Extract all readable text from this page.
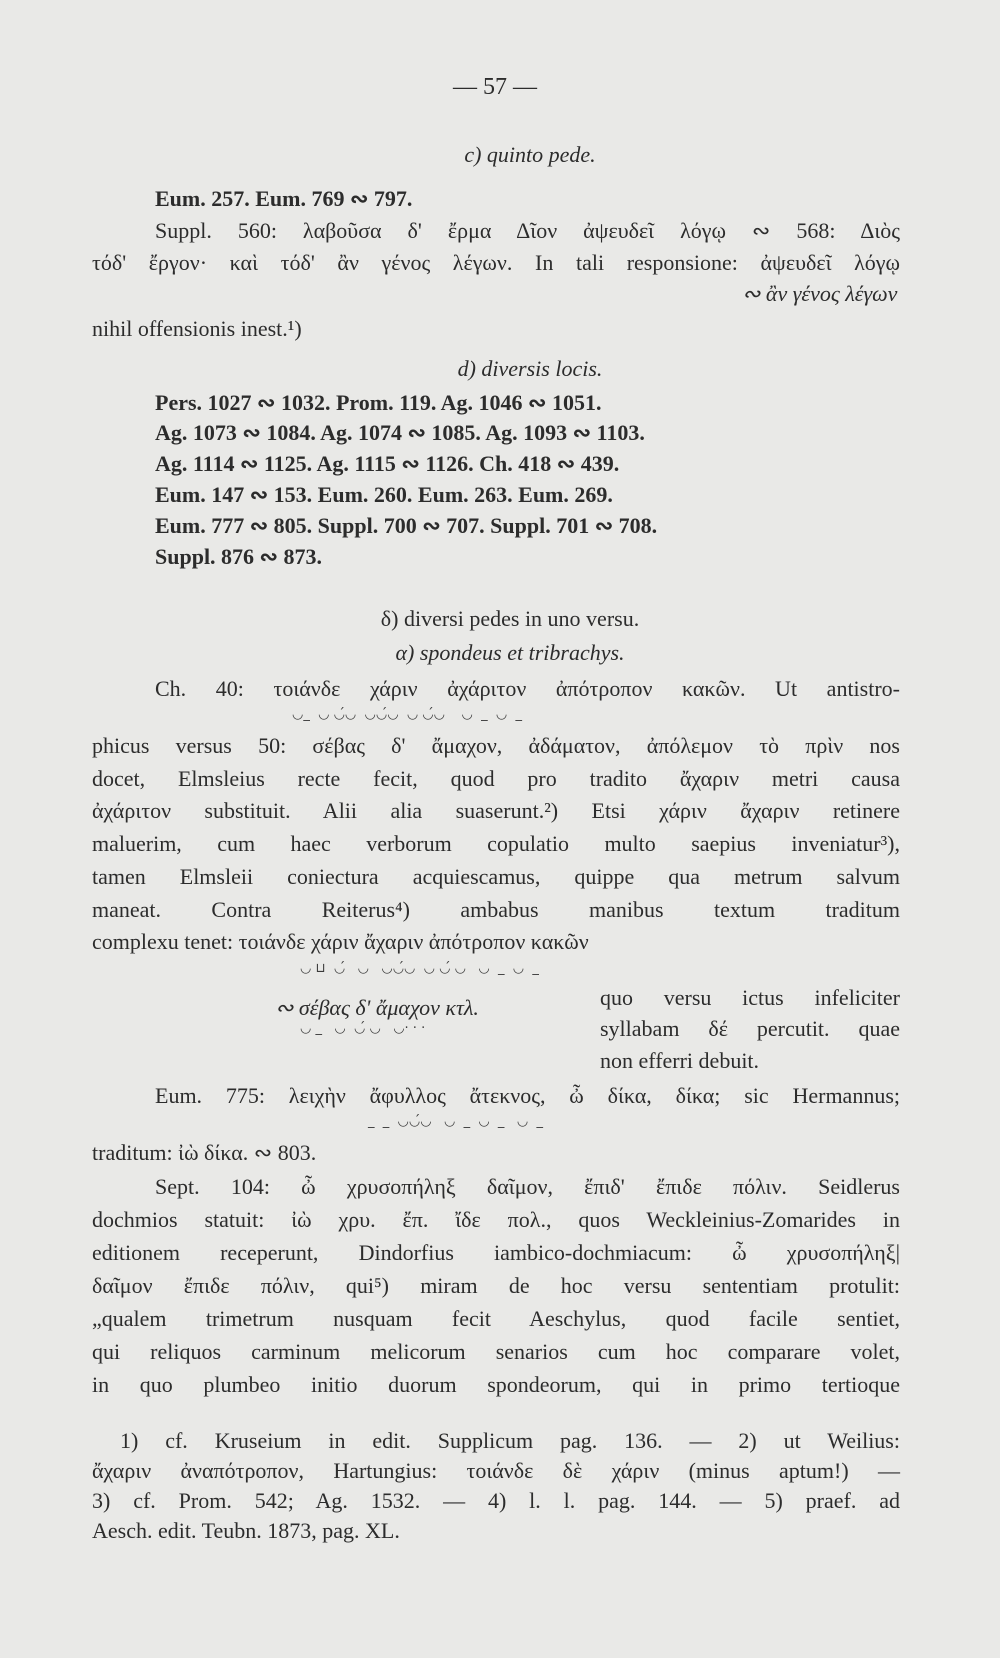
— 57 —
c) quinto pede.
Eum. 257. Eum. 769 ∾ 797.
Suppl. 560: λαβοῦσα δ' ἔρμα Δῖον ἀψευδεῖ λόγῳ ∾ 568: Διὸς
τόδ' ἔργον· καὶ τόδ' ἂν γένος λέγων. In tali responsione: ἀψευδεῖ λόγῳ
∾ ἂν γένος λέγων
nihil offensionis inest.¹)
d) diversis locis.
Pers. 1027 ∾ 1032. Prom. 119. Ag. 1046 ∾ 1051.
Ag. 1073 ∾ 1084. Ag. 1074 ∾ 1085. Ag. 1093 ∾ 1103.
Ag. 1114 ∾ 1125. Ag. 1115 ∾ 1126. Ch. 418 ∾ 439.
Eum. 147 ∾ 153. Eum. 260. Eum. 263. Eum. 269.
Eum. 777 ∾ 805. Suppl. 700 ∾ 707. Suppl. 701 ∾ 708.
Suppl. 876 ∾ 873.
δ) diversi pedes in uno versu.
α) spondeus et tribrachys.
Ch. 40: τοιάνδε χάριν ἀχάριτον ἀπότροπον κακῶν. Ut antistro-
◡_  ◡ ◡́◡  ◡◡́◡  ◡ ◡́◡    ◡  _  ◡  _
phicus versus 50: σέβας δ' ἄμαχον, ἀδάματον, ἀπόλεμον τὸ πρὶν nos
docet, Elmsleius recte fecit, quod pro tradito ἄχαριν metri causa
ἀχάριτον substituit. Alii alia suaserunt.²) Etsi χάριν ἄχαριν retinere
maluerim, cum haec verborum copulatio multo saepius inveniatur³),
tamen Elmsleii coniectura acquiescamus, quippe qua metrum salvum
maneat. Contra Reiterus⁴) ambabus manibus textum traditum
complexu tenet: τοιάνδε χάριν ἄχαριν ἀπότροπον κακῶν
◡ ⊔  ◡́   ◡   ◡◡́◡  ◡ ◡́ ◡   ◡  _  ◡  _
∾ σέβας δ' ἄμαχον κτλ.	quo versu ictus infeliciter
◡ _   ◡  ◡́ ◡   ◡· · ·	syllabam δέ percutit. quae
non efferri debuit.
Eum. 775: λειχὴν ἄφυλλος ἄτεκνος, ὦ δίκα, δίκα; sic Hermannus;
_  _  ◡◡́◡   ◡  _  ◡  _   ◡  _
traditum: ἰὼ δίκα. ∾ 803.
Sept. 104: ὦ χρυσοπήληξ δαῖμον, ἔπιδ' ἔπιδε πόλιν. Seidlerus
dochmios statuit: ἰὼ χρυ. ἔπ. ἴδε πολ., quos Weckleinius-Zomarides in
editionem receperunt, Dindorfius iambico-dochmiacum: ὦ χρυσοπήληξ|
δαῖμον ἔπιδε πόλιν, qui⁵) miram de hoc versu sententiam protulit:
„qualem trimetrum nusquam fecit Aeschylus, quod facile sentiet,
qui reliquos carminum melicorum senarios cum hoc comparare volet,
in quo plumbeo initio duorum spondeorum, qui in primo tertioque
1) cf. Kruseium in edit. Supplicum pag. 136. — 2) ut Weilius:
ἄχαριν ἀναπότροπον, Hartungius: τοιάνδε δὲ χάριν (minus aptum!) —
3) cf. Prom. 542; Ag. 1532. — 4) l. l. pag. 144. — 5) praef. ad
Aesch. edit. Teubn. 1873, pag. XL.
